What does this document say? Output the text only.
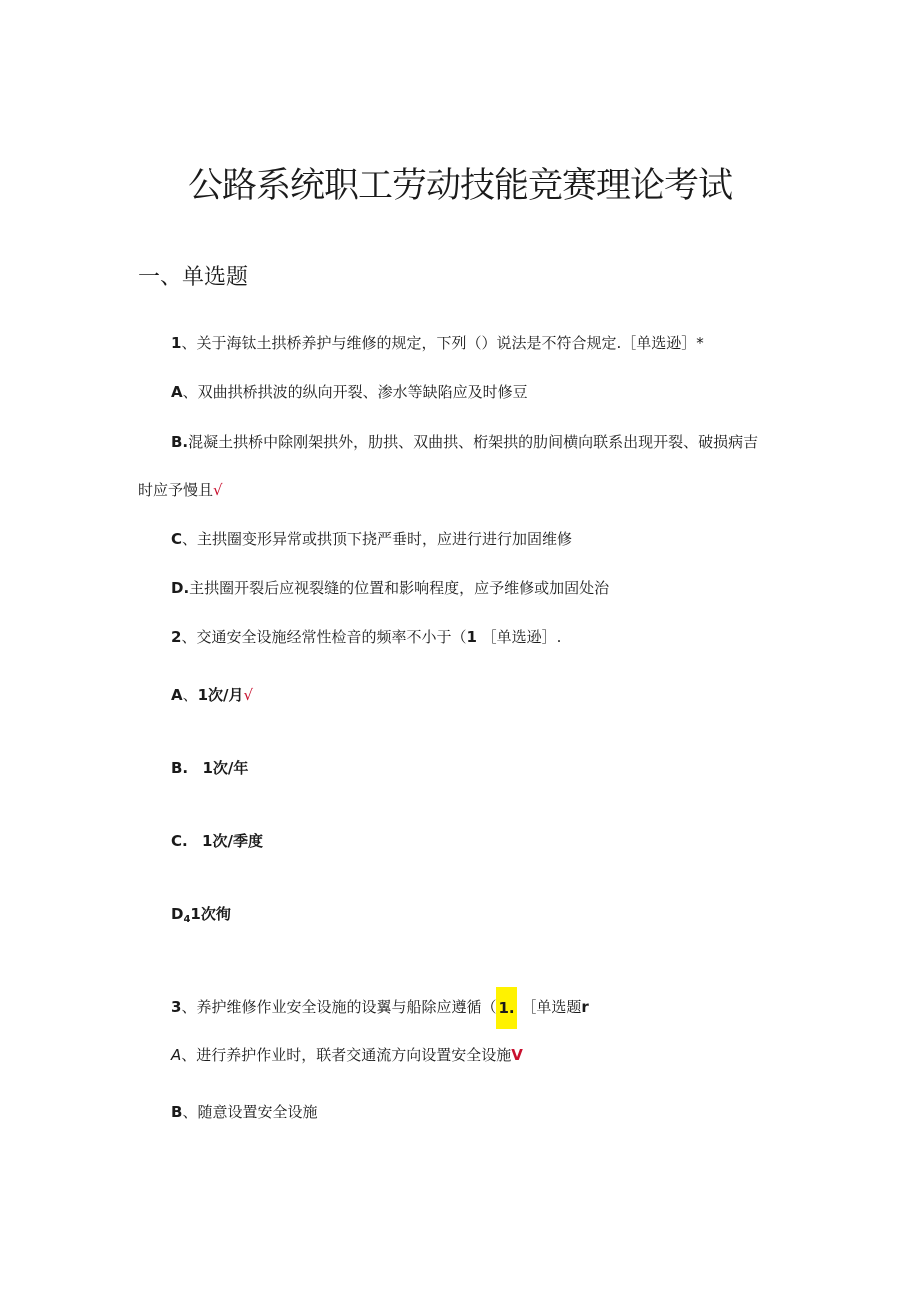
公路系统职工劳动技能竞赛理论考试
一、单选题
1、关于海钛土拱桥养护与维修的规定，下列（）说法是不符合规定.［单选逊］*
A、双曲拱桥拱波的纵向开裂、渗水等缺陷应及时修豆
B.混凝土拱桥中除刚架拱外，肋拱、双曲拱、桁架拱的肋间横向联系出现开裂、破损病吉
时应予慢且√
C、主拱圈变形异常或拱顶下挠严垂时，应进行进行加固维修
D.主拱圈开裂后应视裂缝的位置和影响程度，应予维修或加固处治
2、交通安全设施经常性检音的频率不小于（1 ［单选逊］.
A、1次/月√
B. 1次/年
C. 1次/季度
$D_41$次徇
3、养护维修作业安全设施的设翼与船除应遵循（ 1. ［单选题r
A、进行养护作业时，联者交通流方向设置安全设施V
B、随意设置安全设施
